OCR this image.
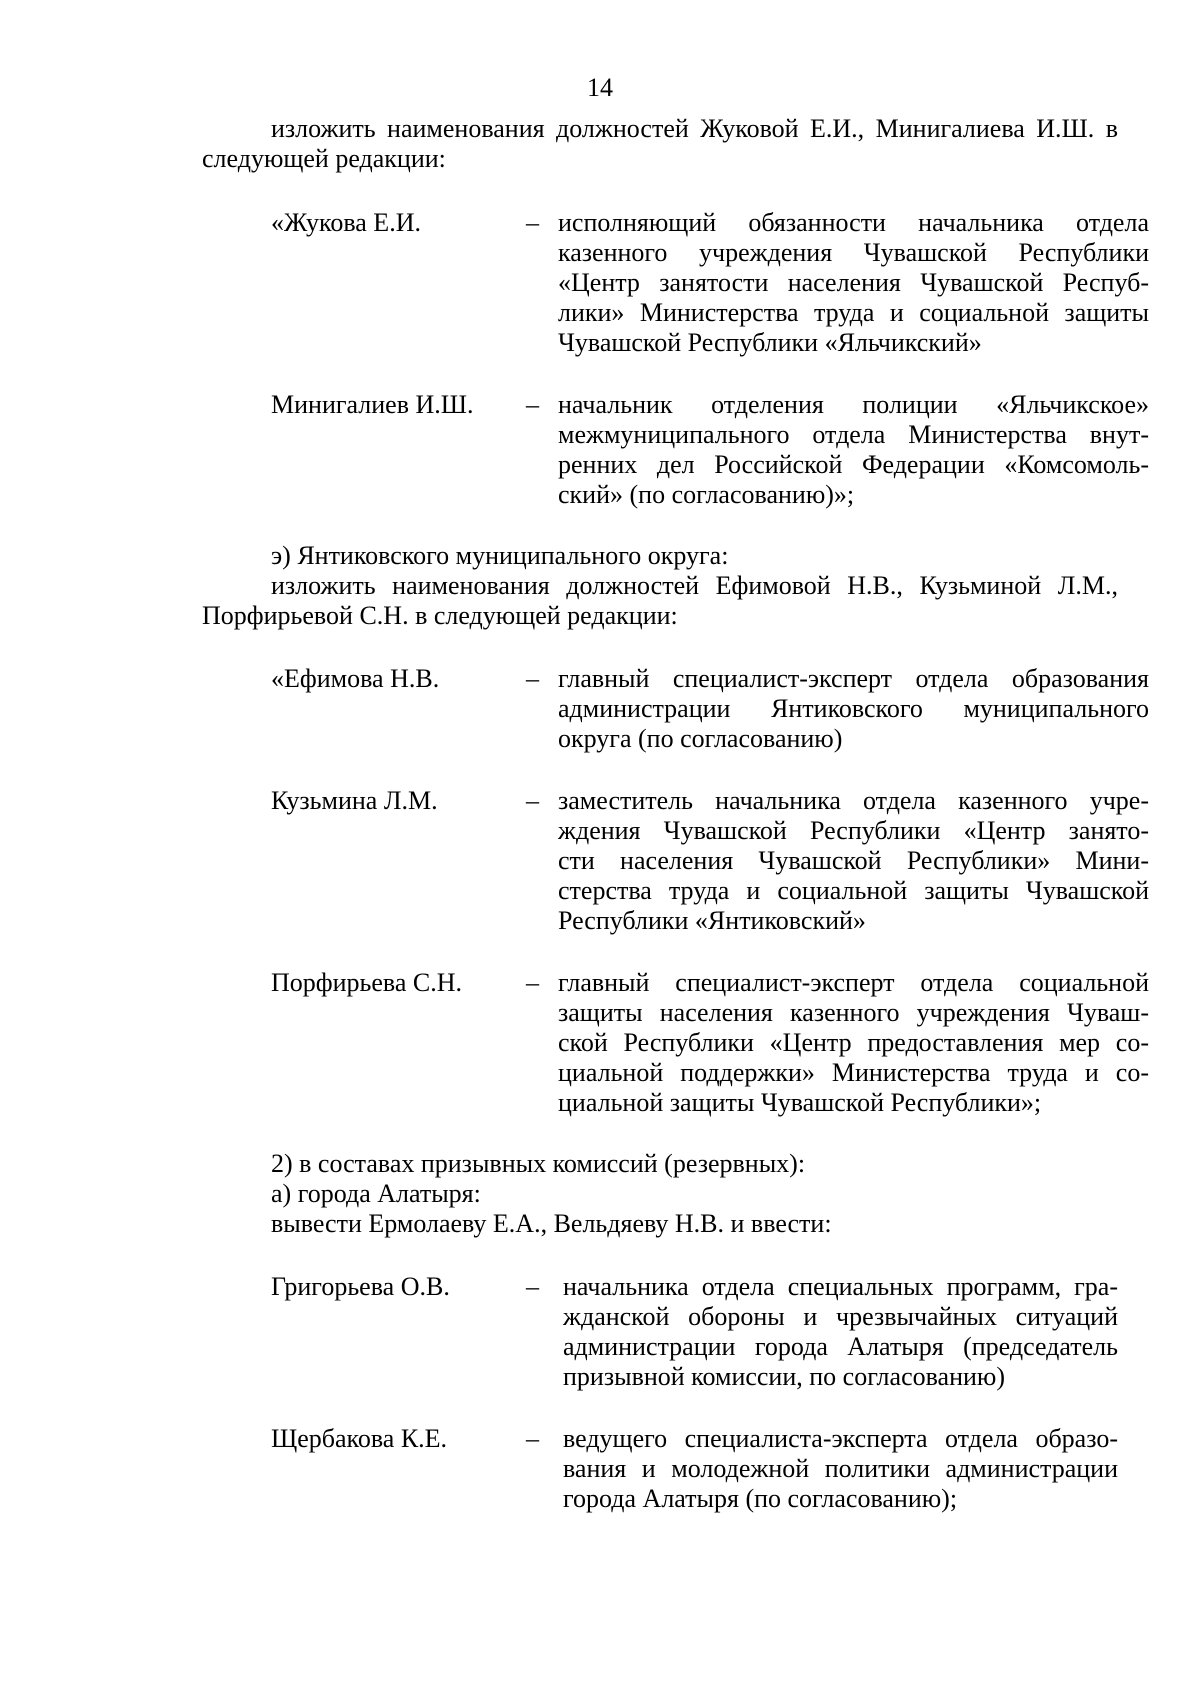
14
изложить наименования должностей Жуковой Е.И., Минигалиева И.Ш. в
следующей редакции:
«Жукова Е.И.	– исполняющий обязанности начальника отдела
казенного учреждения Чувашской Республики
«Центр занятости населения Чувашской Респуб-
лики» Министерства труда и социальной защиты
Чувашской Республики «Яльчикский»
Минигалиев И.Ш. – начальник отделения полиции «Яльчикское»
межмуниципального отдела Министерства внут-
ренних дел Российской Федерации «Комсомоль-
ский» (по согласованию)»;
э) Янтиковского муниципального округа:
изложить наименования должностей Ефимовой Н.В., Кузьминой Л.М.,
Порфирьевой С.Н. в следующей редакции:
«Ефимова Н.В.	– главный специалист-эксперт отдела образования
администрации Янтиковского муниципального
округа (по согласованию)
Кузьмина Л.М.	– заместитель начальника отдела казенного учре-
ждения Чувашской Республики «Центр занято-
сти населения Чувашской Республики» Мини-
стерства труда и социальной защиты Чувашской
Республики «Янтиковский»
Порфирьева С.Н. – главный специалист-эксперт отдела социальной
защиты населения казенного учреждения Чуваш-
ской Республики «Центр предоставления мер со-
циальной поддержки» Министерства труда и со-
циальной защиты Чувашской Республики»;
2) в составах призывных комиссий (резервных):
а) города Алатыря:
вывести Ермолаеву Е.А., Вельдяеву Н.В. и ввести:
Григорьева О.В.	– начальника отдела специальных программ, гра-
жданской обороны и чрезвычайных ситуаций
администрации города Алатыря (председатель
призывной комиссии, по согласованию)
Щербакова К.Е.	– ведущего специалиста-эксперта отдела образо-
вания и молодежной политики администрации
города Алатыря (по согласованию);
